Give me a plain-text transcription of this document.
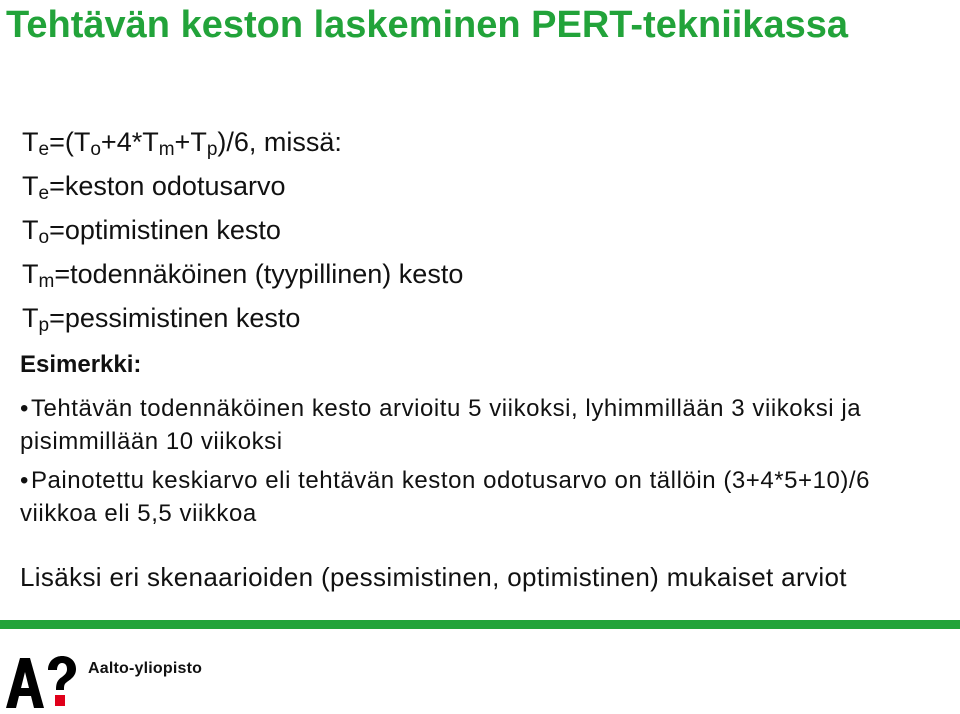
Tehtävän keston laskeminen PERT-tekniikassa
$T_e=(T_o+4*T_m+T_p)/6$, missä:
$T_e=keston$ odotusarvo
$T_o=optimistinen$ kesto
$T_m=todennäköinen$ (tyypillinen) kesto
$T_p=pessimistinen$ kesto
Esimerkki:
•Tehtävän todennäköinen kesto arvioitu 5 viikoksi, lyhimmillään 3 viikoksi ja pisimmillään 10 viikoksi
•Painotettu keskiarvo eli tehtävän keston odotusarvo on tällöin (3+4*5+10)/6 viikkoa eli 5,5 viikkoa
Lisäksi eri skenaarioiden (pessimistinen, optimistinen) mukaiset arviot
Aalto-yliopisto
